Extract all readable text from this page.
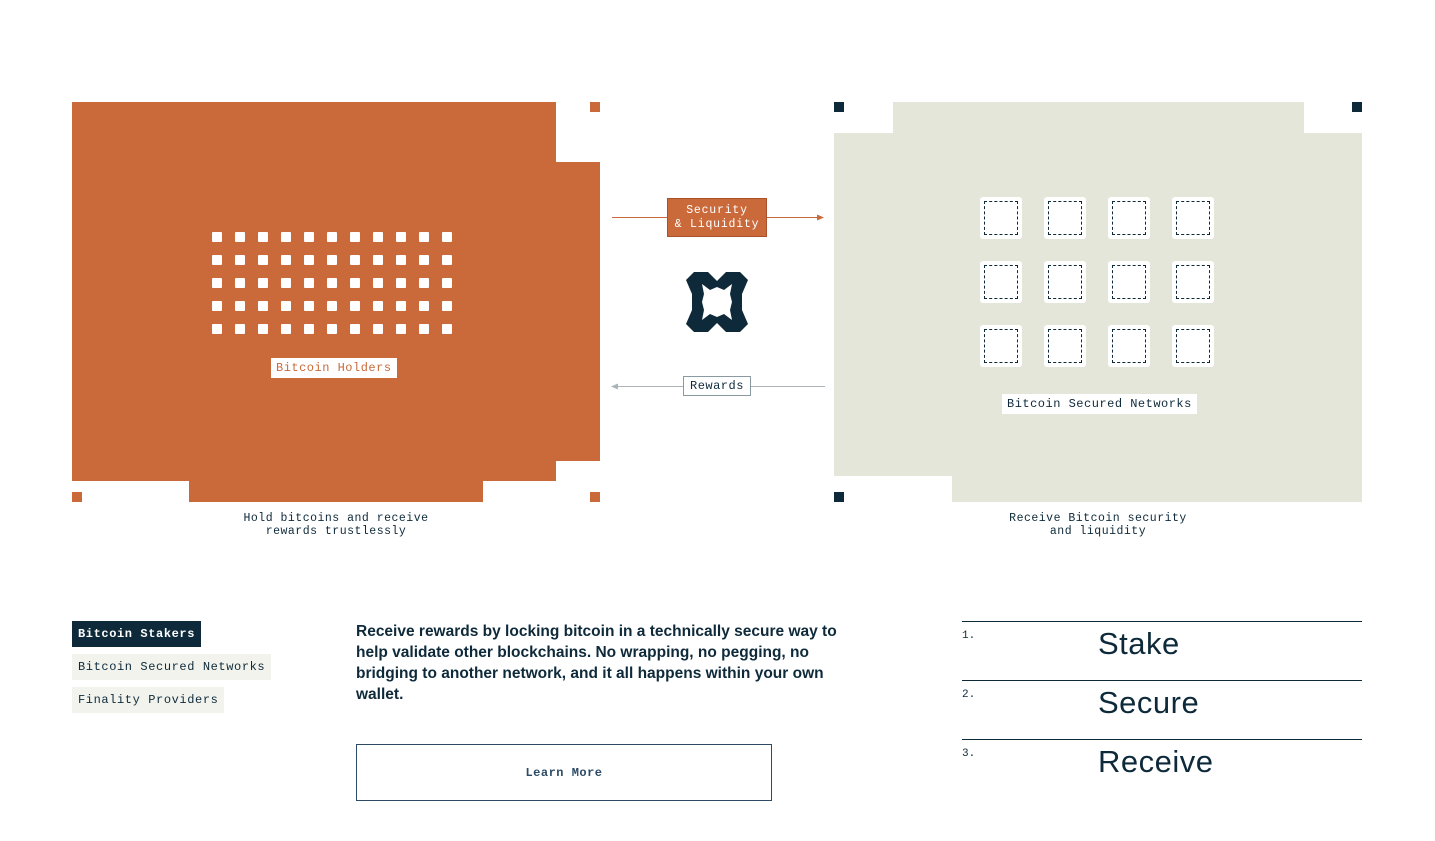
Bitcoin Holders
Security
& Liquidity
Rewards
Bitcoin Secured Networks
Hold bitcoins and receive
rewards trustlessly
Receive Bitcoin security
and liquidity
Bitcoin Stakers
Bitcoin Secured Networks
Finality Providers
Receive rewards by locking bitcoin in a technically secure way to help validate other blockchains. No wrapping, no pegging, no bridging to another network, and it all happens within your own wallet.
Learn More
1.	Stake
2.	Secure
3.	Receive
